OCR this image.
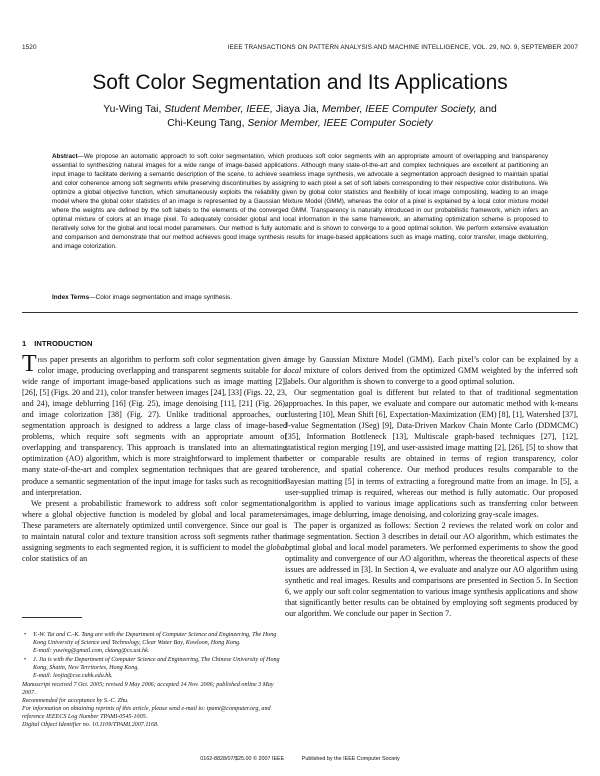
1520	IEEE TRANSACTIONS ON PATTERN ANALYSIS AND MACHINE INTELLIGENCE, VOL. 29, NO. 9, SEPTEMBER 2007
Soft Color Segmentation and Its Applications
Yu-Wing Tai, Student Member, IEEE, Jiaya Jia, Member, IEEE Computer Society, and
Chi-Keung Tang, Senior Member, IEEE Computer Society
Abstract—We propose an automatic approach to soft color segmentation, which produces soft color segments with an appropriate amount of overlapping and transparency essential to synthesizing natural images for a wide range of image-based applications. Although many state-of-the-art and complex techniques are excellent at partitioning an input image to facilitate deriving a semantic description of the scene, to achieve seamless image synthesis, we advocate a segmentation approach designed to maintain spatial and color coherence among soft segments while preserving discontinuities by assigning to each pixel a set of soft labels corresponding to their respective color distributions. We optimize a global objective function, which simultaneously exploits the reliability given by global color statistics and flexibility of local image compositing, leading to an image model where the global color statistics of an image is represented by a Gaussian Mixture Model (GMM), whereas the color of a pixel is explained by a local color mixture model where the weights are defined by the soft labels to the elements of the converged GMM. Transparency is naturally introduced in our probabilistic framework, which infers an optimal mixture of colors at an image pixel. To adequately consider global and local information in the same framework, an alternating optimization scheme is proposed to iteratively solve for the global and local model parameters. Our method is fully automatic and is shown to converge to a good optimal solution. We perform extensive evaluation and comparison and demonstrate that our method achieves good image synthesis results for image-based applications such as image matting, color transfer, image deblurring, and image colorization.
Index Terms—Color image segmentation and image synthesis.
1 INTRODUCTION

This paper presents an algorithm to perform soft color segmentation given a color image, producing overlapping and transparent segments suitable for a wide range of important image-based applications such as image matting [2], [26], [5] (Figs. 20 and 21), color transfer between images [24], [33] (Figs. 22, 23, and 24), image deblurring [16] (Fig. 25), image denoising [11], [21] (Fig. 26), and image colorization [38] (Fig. 27). Unlike traditional approaches, our segmentation approach is designed to address a large class of image-based problems, which require soft segments with an appropriate amount of overlapping and transparency. This approach is translated into an alternating optimization (AO) algorithm, which is more straightforward to implement than many state-of-the-art and complex segmentation techniques that are geared to produce a semantic segmentation of the input image for tasks such as recognition and interpretation.

We present a probabilistic framework to address soft color segmentation, where a global objective function is modeled by global and local parameters. These parameters are alternately optimized until convergence. Since our goal is to maintain natural color and texture transition across soft segments rather than assigning segments to each segmented region, it is sufficient to model the global color statistics of an

• Y.-W. Tai and C.-K. Tang are with the Department of Computer Science and Engineering, The Hong Kong University of Science and Technology, Clear Water Bay, Kowloon, Hong Kong.
E-mail: yuwing@gmail.com, cktang@cs.ust.hk.
• J. Jia is with the Department of Computer Science and Engineering, The Chinese University of Hong Kong, Shatin, New Territories, Hong Kong.
E-mail: leojia@cse.cuhk.edu.hk.

Manuscript received 7 Oct. 2005; revised 9 May 2006; accepted 14 Nov. 2006; published online 3 May 2007.

Recommended for acceptance by S.-C. Zhu.

For information on obtaining reprints of this article, please send e-mail to: tpami@computer.org, and reference IEEECS Log Number TPAMI-0545-1005.

Digital Object Identifier no. 10.1109/TPAMI.2007.1168.

image by Gaussian Mixture Model (GMM). Each pixel’s color can be explained by a local mixture of colors derived from the optimized GMM weighted by the inferred soft labels. Our algorithm is shown to converge to a good optimal solution.

Our segmentation goal is different but related to that of traditional segmentation approaches. In this paper, we evaluate and compare our automatic method with k-means clustering [10], Mean Shift [6], Expectation-Maximization (EM) [8], [1], Watershed [37], J-value Segmentation (JSeg) [9], Data-Driven Markov Chain Monte Carlo (DDMCMC) [35], Information Bottleneck [13], Multiscale graph-based techniques [27], [12], statistical region merging [19], and user-assisted image matting [2], [26], [5] to show that better or comparable results are obtained in terms of region transparency, color coherence, and spatial coherence. Our method produces results comparable to the Bayesian matting [5] in terms of extracting a foreground matte from an image. In [5], a user-supplied trimap is required, whereas our method is fully automatic. Our proposed algorithm is applied to various image applications such as transferring color between images, image deblurring, image denoising, and colorizing gray-scale images.

The paper is organized as follows: Section 2 reviews the related work on color and image segmentation. Section 3 describes in detail our AO algorithm, which estimates the optimal global and local model parameters. We performed experiments to show the good optimality and convergence of our AO algorithm, whereas the theoretical aspects of these issues are addressed in [3]. In Section 4, we evaluate and analyze our AO algorithm using synthetic and real images. Results and comparisons are presented in Section 5. In Section 6, we apply our soft color segmentation to various image synthesis applications and show that significantly better results can be obtained by employing soft segments produced by our algorithm. We conclude our paper in Section 7.

0162-8828/07/$25.00 © 2007 IEEE	Published by the IEEE Computer Society
